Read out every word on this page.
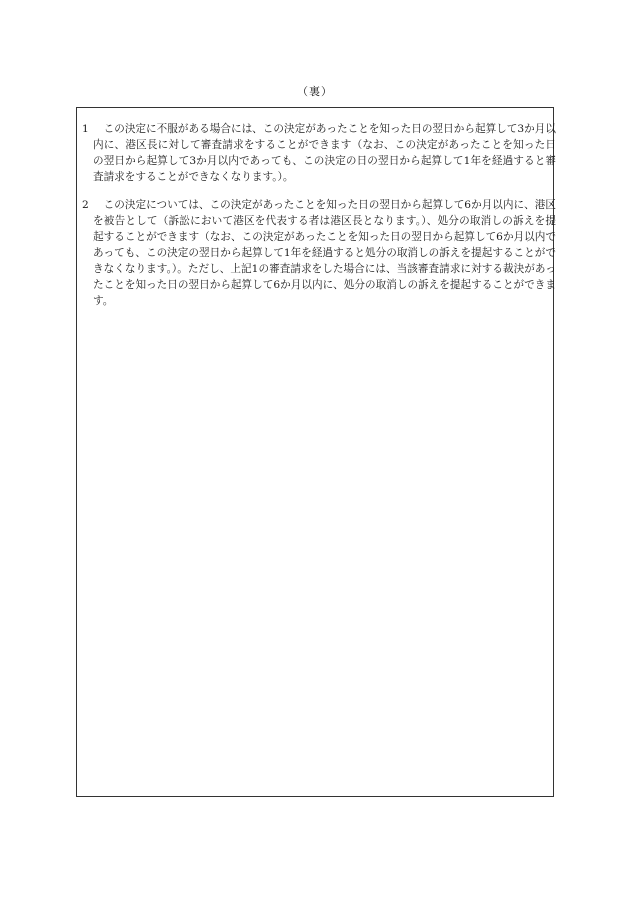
（裏）
1	この決定に不服がある場合には、この決定があったことを知った日の翌日から起算して3か月以内に、港区長に対して審査請求をすることができます（なお、この決定があったことを知った日の翌日から起算して3か月以内であっても、この決定の日の翌日から起算して1年を経過すると審査請求をすることができなくなります。）。
2	この決定については、この決定があったことを知った日の翌日から起算して6か月以内に、港区を被告として（訴訟において港区を代表する者は港区長となります。）、処分の取消しの訴えを提起することができます（なお、この決定があったことを知った日の翌日から起算して6か月以内であっても、この決定の翌日から起算して1年を経過すると処分の取消しの訴えを提起することができなくなります。）。ただし、上記1の審査請求をした場合には、当該審査請求に対する裁決があったことを知った日の翌日から起算して6か月以内に、処分の取消しの訴えを提起することができます。
